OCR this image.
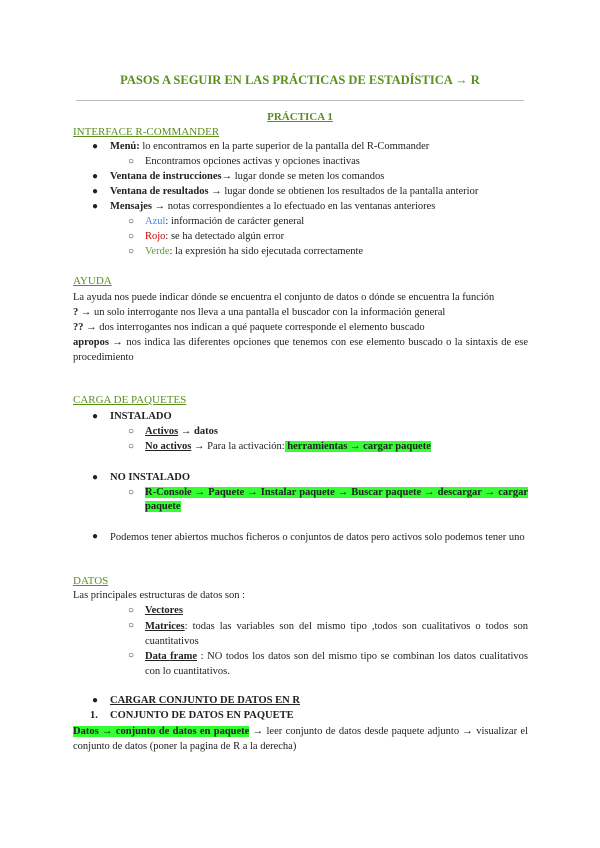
PASOS A SEGUIR EN LAS PRÁCTICAS DE ESTADÍSTICA → R
PRÁCTICA 1
INTERFACE R-COMMANDER
● Menú: lo encontramos en la parte superior de la pantalla del R-Commander
○ Encontramos opciones activas y opciones inactivas
● Ventana de instrucciones→ lugar donde se meten los comandos
● Ventana de resultados → lugar donde se obtienen los resultados de la pantalla anterior
● Mensajes → notas correspondientes a lo efectuado en las ventanas anteriores
○ Azul: información de carácter general
○ Rojo: se ha detectado algún error
○ Verde: la expresión ha sido ejecutada correctamente
AYUDA
La ayuda nos puede indicar dónde se encuentra el conjunto de datos o dónde se encuentra la función
? → un solo interrogante nos lleva a una pantalla el buscador con la información general
?? → dos interrogantes nos indican a qué paquete corresponde el elemento buscado
apropos → nos indica las diferentes opciones que tenemos con ese elemento buscado o la sintaxis de ese procedimiento
CARGA DE PAQUETES
● INSTALADO
○ Activos → datos
○ No activos → Para la activación: herramientas → cargar paquete
● NO INSTALADO
○ R-Console → Paquete → Instalar paquete → Buscar paquete → descargar → cargar paquete
● Podemos tener abiertos muchos ficheros o conjuntos de datos pero activos solo podemos tener uno
DATOS
Las principales estructuras de datos son :
○ Vectores
○ Matrices: todas las variables son del mismo tipo ,todos son cualitativos o todos son cuantitativos
○ Data frame : NO todos los datos son del mismo tipo se combinan los datos cualitativos con lo cuantitativos.
● CARGAR CONJUNTO DE DATOS EN R
1. CONJUNTO DE DATOS EN PAQUETE
Datos → conjunto de datos en paquete → leer conjunto de datos desde paquete adjunto → visualizar el conjunto de datos (poner la pagina de R a la derecha)
